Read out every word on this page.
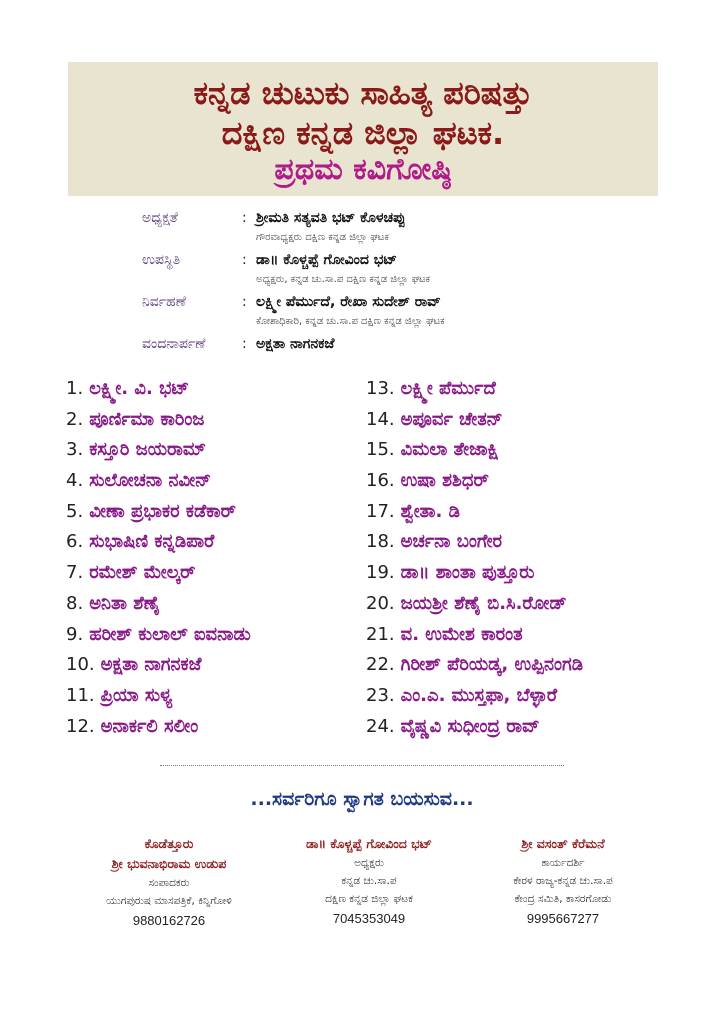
ಕನ್ನಡ ಚುಟುಕು ಸಾಹಿತ್ಯ ಪರಿಷತ್ತು
ದಕ್ಷಿಣ ಕನ್ನಡ ಜಿಲ್ಲಾ ಘಟಕ.
ಪ್ರಥಮ ಕವಿಗೋಷ್ಠಿ
ಅಧ್ಯಕ್ಷತೆ	: ಶ್ರೀಮತಿ ಸತ್ಯವತಿ ಭಟ್ ಕೊಳಚಪ್ಪು
ಗೌರವಾಧ್ಯಕ್ಷರು ದಕ್ಷಿಣ ಕನ್ನಡ ಜಿಲ್ಲಾ ಘಟಕ
ಉಪಸ್ಥಿತಿ	: ಡಾ॥ ಕೊಳ್ಚಪ್ಪೆ ಗೋವಿಂದ ಭಟ್
ಅಧ್ಯಕ್ಷರು, ಕನ್ನಡ ಚು.ಸಾ.ಪ ದಕ್ಷಿಣ ಕನ್ನಡ ಜಿಲ್ಲಾ ಘಟಕ
ನಿರ್ವಹಣೆ	: ಲಕ್ಷ್ಮೀ ಪೆರ್ಮುದೆ, ರೇಖಾ ಸುದೇಶ್ ರಾವ್
ಕೋಶಾಧಿಕಾರಿ, ಕನ್ನಡ ಚು.ಸಾ.ಪ ದಕ್ಷಿಣ ಕನ್ನಡ ಜಿಲ್ಲಾ ಘಟಕ
ವಂದನಾರ್ಪಣೆ	: ಅಕ್ಷತಾ ನಾಗನಕಜೆ
1. ಲಕ್ಷ್ಮೀ. ವಿ. ಭಟ್
2. ಪೂರ್ಣಿಮಾ ಕಾರಿಂಜ
3. ಕಸ್ತೂರಿ ಜಯರಾಮ್
4. ಸುಲೋಚನಾ ನವೀನ್
5. ವೀಣಾ ಪ್ರಭಾಕರ ಕಡೆಕಾರ್
6. ಸುಭಾಷಿಣಿ ಕನ್ನಡಿಪಾರೆ
7. ರಮೇಶ್ ಮೇಲ್ಕರ್
8. ಅನಿತಾ ಶೆಣೈ
9. ಹರೀಶ್ ಕುಲಾಲ್ ಐವನಾಡು
10. ಅಕ್ಷತಾ ನಾಗನಕಜೆ
11. ಪ್ರಿಯಾ ಸುಳ್ಯ
12. ಅನಾರ್ಕಲಿ ಸಲೀಂ
13. ಲಕ್ಷ್ಮೀ ಪೆರ್ಮುದೆ
14. ಅಪೂರ್ವ ಚೇತನ್
15. ವಿಮಲಾ ತೇಜಾಕ್ಷಿ
16. ಉಷಾ ಶಶಿಧರ್
17. ಶ್ವೇತಾ. ಡಿ
18. ಅರ್ಚನಾ ಬಂಗೇರ
19. ಡಾ॥ ಶಾಂತಾ ಪುತ್ತೂರು
20. ಜಯಶ್ರೀ ಶೆಣೈ ಬಿ.ಸಿ.ರೋಡ್
21. ವ. ಉಮೇಶ ಕಾರಂತ
22. ಗಿರೀಶ್ ಪೆರಿಯಡ್ಕ, ಉಪ್ಪಿನಂಗಡಿ
23. ಎಂ.ಎ. ಮುಸ್ತಫಾ, ಬೆಳ್ಳಾರೆ
24. ವೈಷ್ಣವಿ ಸುಧೀಂದ್ರ ರಾವ್
...ಸರ್ವರಿಗೂ ಸ್ವಾಗತ ಬಯಸುವ...
ಕೊಡೆತ್ತೂರು
ಶ್ರೀ ಭುವನಾಭಿರಾಮ ಉಡುಪ
ಸಂಪಾದಕರು
ಯುಗಪುರುಷ ಮಾಸಪತ್ರಿಕೆ, ಕಿನ್ನಿಗೋಳಿ
9880162726
ಡಾ॥ ಕೊಳ್ಚಪ್ಪೆ ಗೋವಿಂದ ಭಟ್
ಅಧ್ಯಕ್ಷರು
ಕನ್ನಡ ಚು.ಸಾ.ಪ
ದಕ್ಷಿಣ ಕನ್ನಡ ಜಿಲ್ಲಾ ಘಟಕ
7045353049
ಶ್ರೀ ವಸಂತ್ ಕೆರೆಮನೆ
ಕಾರ್ಯದರ್ಶಿ
ಕೇರಳ ರಾಜ್ಯ-ಕನ್ನಡ ಚು.ಸಾ.ಪ
ಕೇಂದ್ರ ಸಮಿತಿ, ಕಾಸರಗೋಡು
9995667277
